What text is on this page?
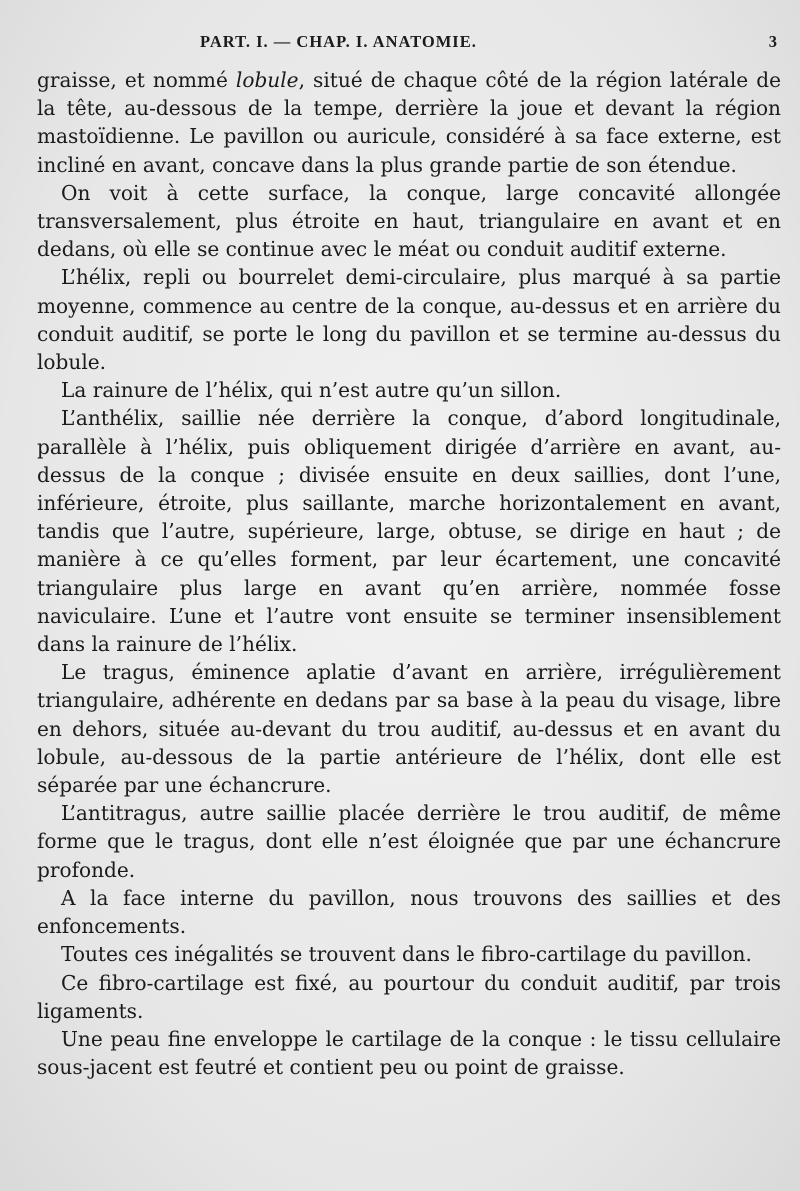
PART. I. — CHAP. I. ANATOMIE.	3

graisse, et nommé lobule, situé de chaque côté de la région latérale de la tête, au-dessous de la tempe, derrière la joue et devant la région mastoïdienne. Le pavillon ou auricule, considéré à sa face externe, est incliné en avant, concave dans la plus grande partie de son étendue.

On voit à cette surface, la conque, large concavité allongée transversalement, plus étroite en haut, triangulaire en avant et en dedans, où elle se continue avec le méat ou conduit auditif externe.

L’hélix, repli ou bourrelet demi-circulaire, plus marqué à sa partie moyenne, commence au centre de la conque, au-dessus et en arrière du conduit auditif, se porte le long du pavillon et se termine au-dessus du lobule.

La rainure de l’hélix, qui n’est autre qu’un sillon.

L’anthélix, saillie née derrière la conque, d’abord longitudinale, parallèle à l’hélix, puis obliquement dirigée d’arrière en avant, au-dessus de la conque ; divisée ensuite en deux saillies, dont l’une, inférieure, étroite, plus saillante, marche horizontalement en avant, tandis que l’autre, supérieure, large, obtuse, se dirige en haut ; de manière à ce qu’elles forment, par leur écartement, une concavité triangulaire plus large en avant qu’en arrière, nommée fosse naviculaire. L’une et l’autre vont ensuite se terminer insensiblement dans la rainure de l’hélix.

Le tragus, éminence aplatie d’avant en arrière, irrégulièrement triangulaire, adhérente en dedans par sa base à la peau du visage, libre en dehors, située au-devant du trou auditif, au-dessus et en avant du lobule, au-dessous de la partie antérieure de l’hélix, dont elle est séparée par une échancrure.

L’antitragus, autre saillie placée derrière le trou auditif, de même forme que le tragus, dont elle n’est éloignée que par une échancrure profonde.

A la face interne du pavillon, nous trouvons des saillies et des enfoncements.

Toutes ces inégalités se trouvent dans le fibro-cartilage du pavillon.

Ce fibro-cartilage est fixé, au pourtour du conduit auditif, par trois ligaments.

Une peau fine enveloppe le cartilage de la conque : le tissu cellulaire sous-jacent est feutré et contient peu ou point de graisse.
